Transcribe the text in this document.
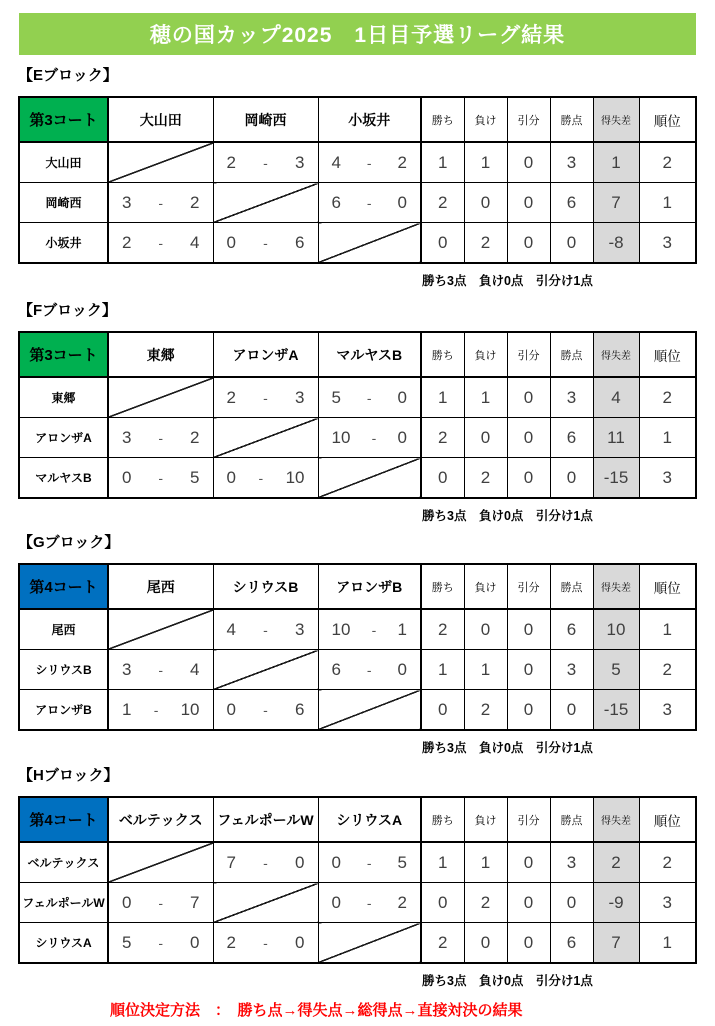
穂の国カップ2025　1日目予選リーグ結果
【Eブロック】
第3コート	大山田	岡崎西	小坂井	勝ち	負け	引分	勝点	得失差	順位
大山田		2 - 3	4 - 2	1	1	0	3	1	2
岡崎西	3 - 2		6 - 0	2	0	0	6	7	1
小坂井	2 - 4	0 - 6		0	2	0	0	-8	3
勝ち3点　負け0点　引分け1点
【Fブロック】
第3コート	東郷	アロンザA	マルヤスB	勝ち	負け	引分	勝点	得失差	順位
東郷		2 - 3	5 - 0	1	1	0	3	4	2
アロンザA	3 - 2		10 - 0	2	0	0	6	11	1
マルヤスB	0 - 5	0 - 10		0	2	0	0	-15	3
勝ち3点　負け0点　引分け1点
【Gブロック】
第4コート	尾西	シリウスB	アロンザB	勝ち	負け	引分	勝点	得失差	順位
尾西		4 - 3	10 - 1	2	0	0	6	10	1
シリウスB	3 - 4		6 - 0	1	1	0	3	5	2
アロンザB	1 - 10	0 - 6		0	2	0	0	-15	3
勝ち3点　負け0点　引分け1点
【Hブロック】
第4コート	ベルテックス	フェルポールW	シリウスA	勝ち	負け	引分	勝点	得失差	順位
ベルテックス		7 - 0	0 - 5	1	1	0	3	2	2
フェルポールW	0 - 7		0 - 2	0	2	0	0	-9	3
シリウスA	5 - 0	2 - 0		2	0	0	6	7	1
勝ち3点　負け0点　引分け1点
順位決定方法　：　勝ち点→得失点→総得点→直接対決の結果
